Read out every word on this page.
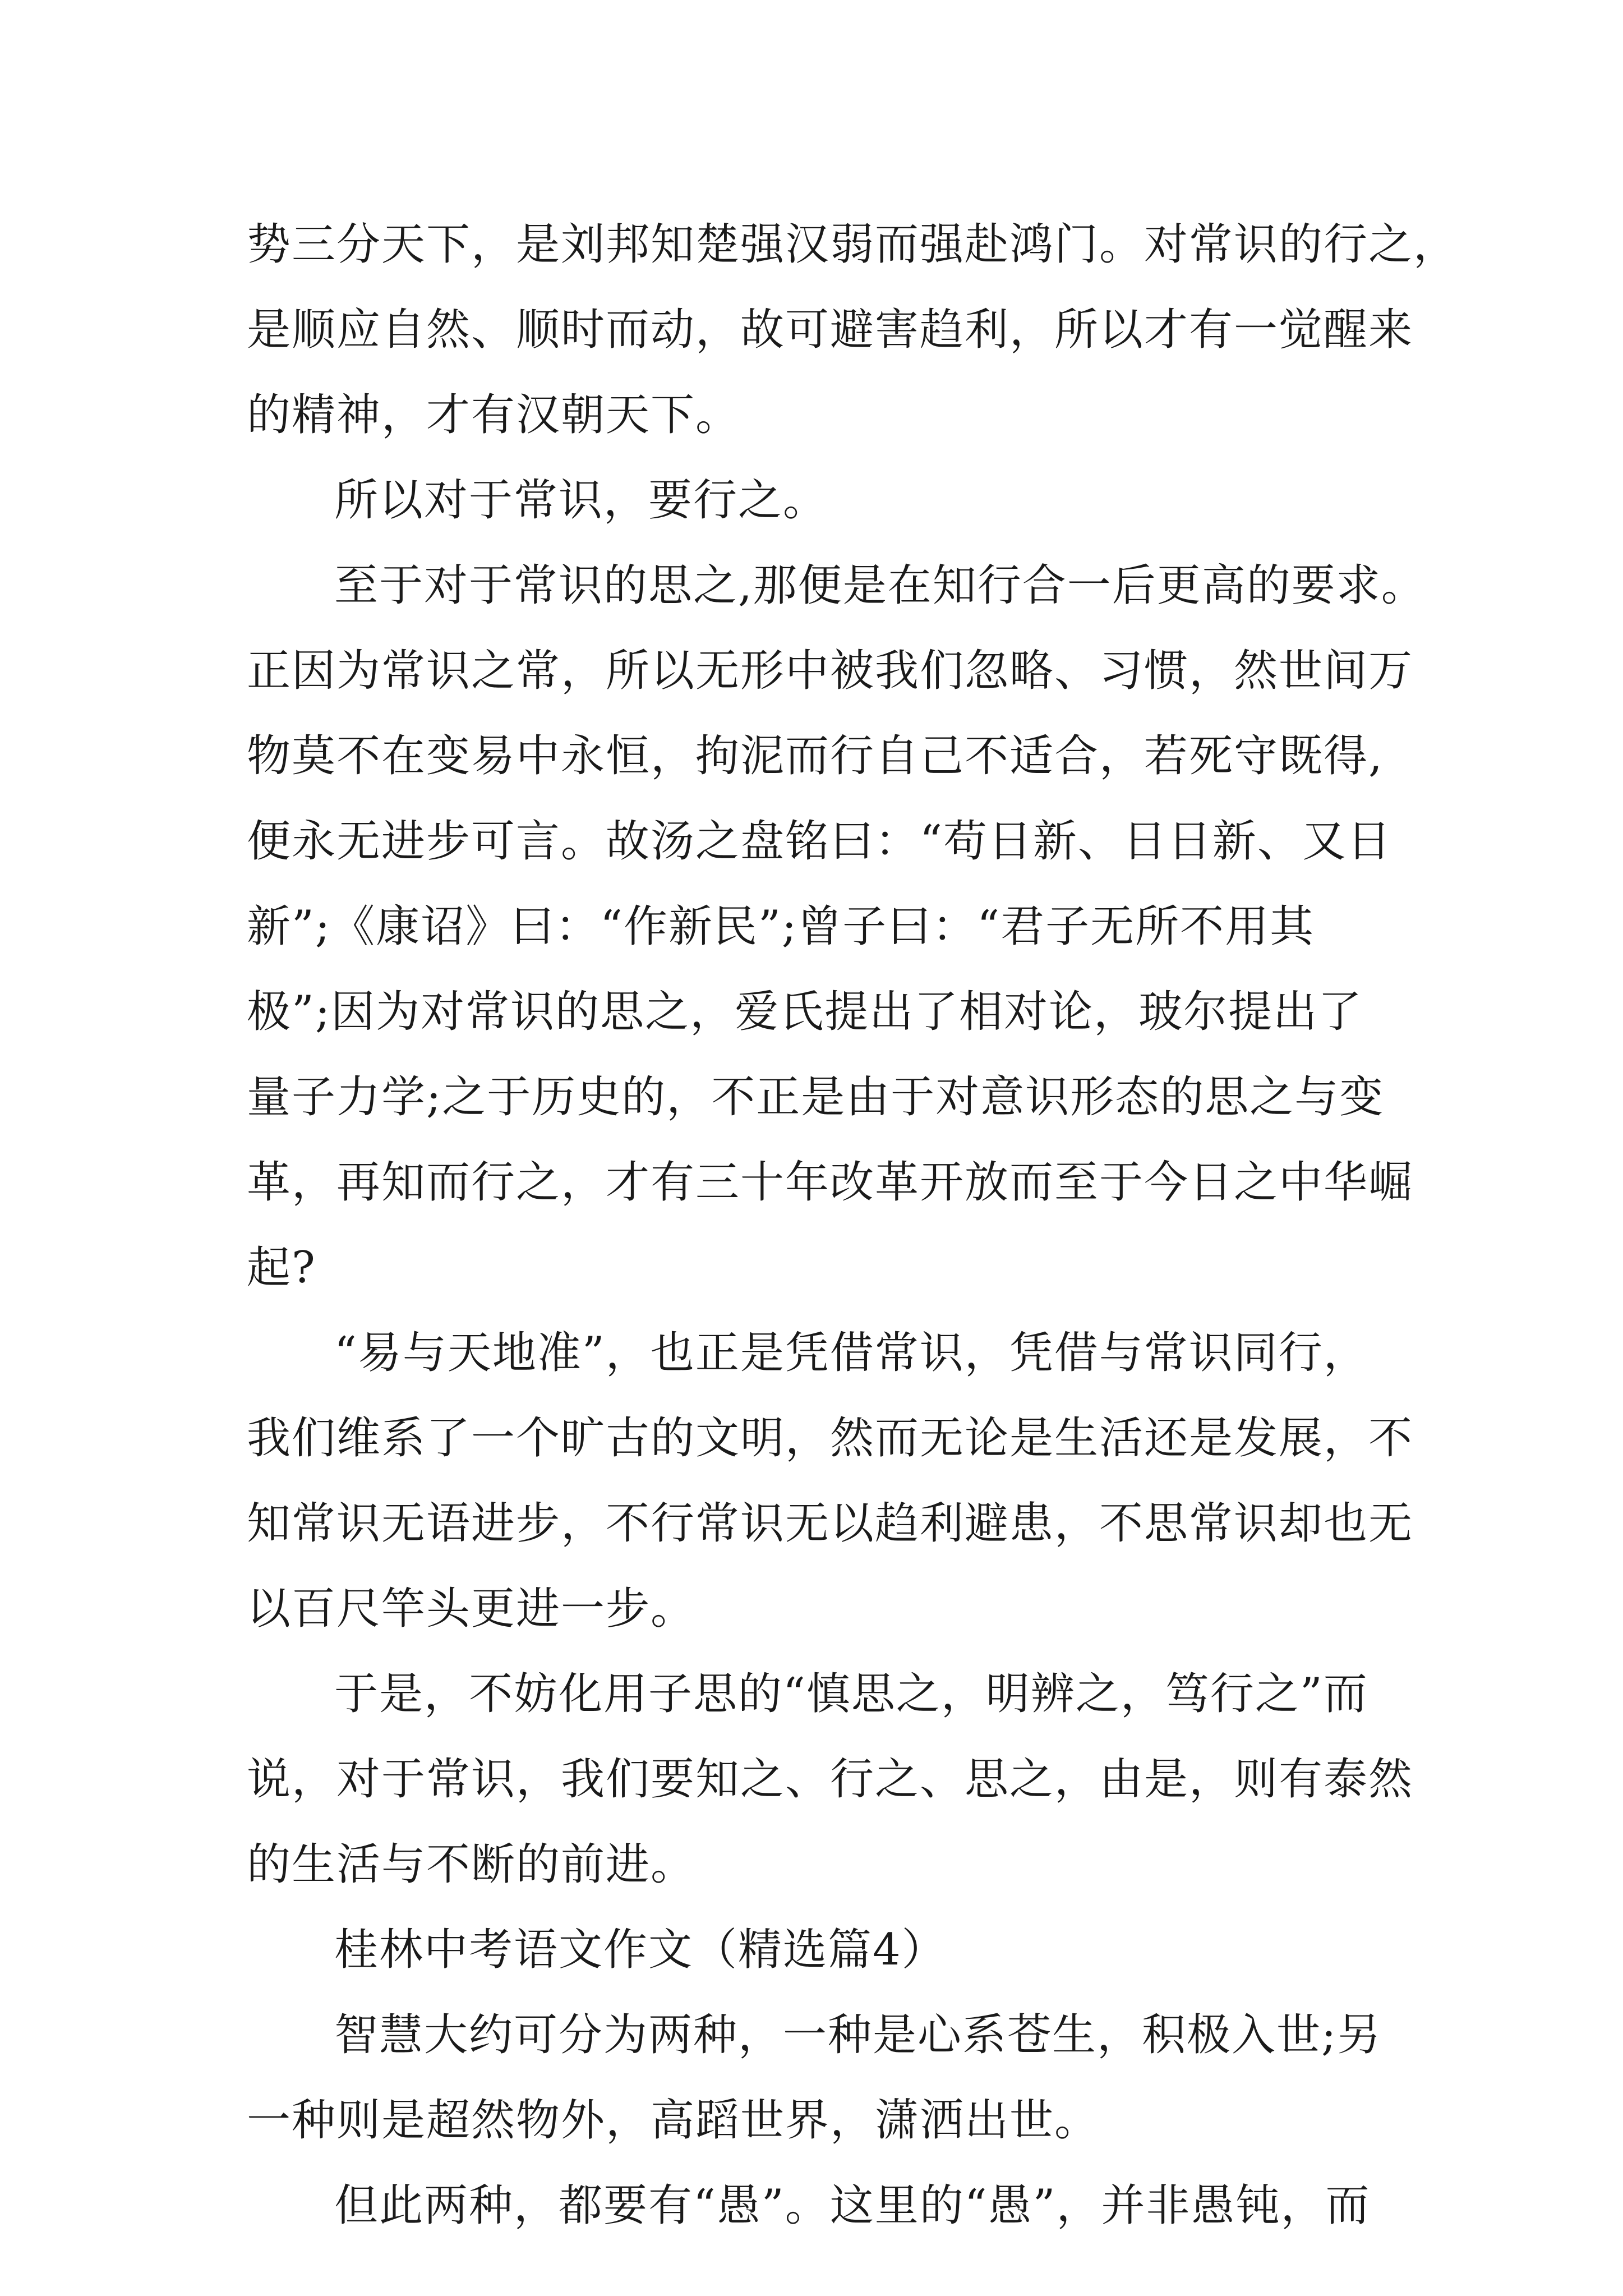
势三分天下，是刘邦知楚强汉弱而强赴鸿门。对常识的行之，
是顺应自然、顺时而动，故可避害趋利，所以才有一觉醒来
的精神，才有汉朝天下。
所以对于常识，要行之。
至于对于常识的思之,那便是在知行合一后更高的要求。
正因为常识之常，所以无形中被我们忽略、习惯，然世间万
物莫不在变易中永恒，拘泥而行自己不适合，若死守既得,
便永无进步可言。故汤之盘铭曰：“苟日新、日日新、又日
新”;《康诏》曰：“作新民”;曾子曰：“君子无所不用其
极”;因为对常识的思之，爱氏提出了相对论，玻尔提出了
量子力学;之于历史的，不正是由于对意识形态的思之与变
革，再知而行之，才有三十年改革开放而至于今日之中华崛
起?
“易与天地准”，也正是凭借常识，凭借与常识同行，
我们维系了一个旷古的文明，然而无论是生活还是发展，不
知常识无语进步，不行常识无以趋利避患，不思常识却也无
以百尺竿头更进一步。
于是，不妨化用子思的“慎思之，明辨之，笃行之”而
说，对于常识，我们要知之、行之、思之，由是，则有泰然
的生活与不断的前进。
桂林中考语文作文（精选篇4）
智慧大约可分为两种，一种是心系苍生，积极入世;另
一种则是超然物外，高蹈世界，潇洒出世。
但此两种，都要有“愚”。这里的“愚”，并非愚钝，而
